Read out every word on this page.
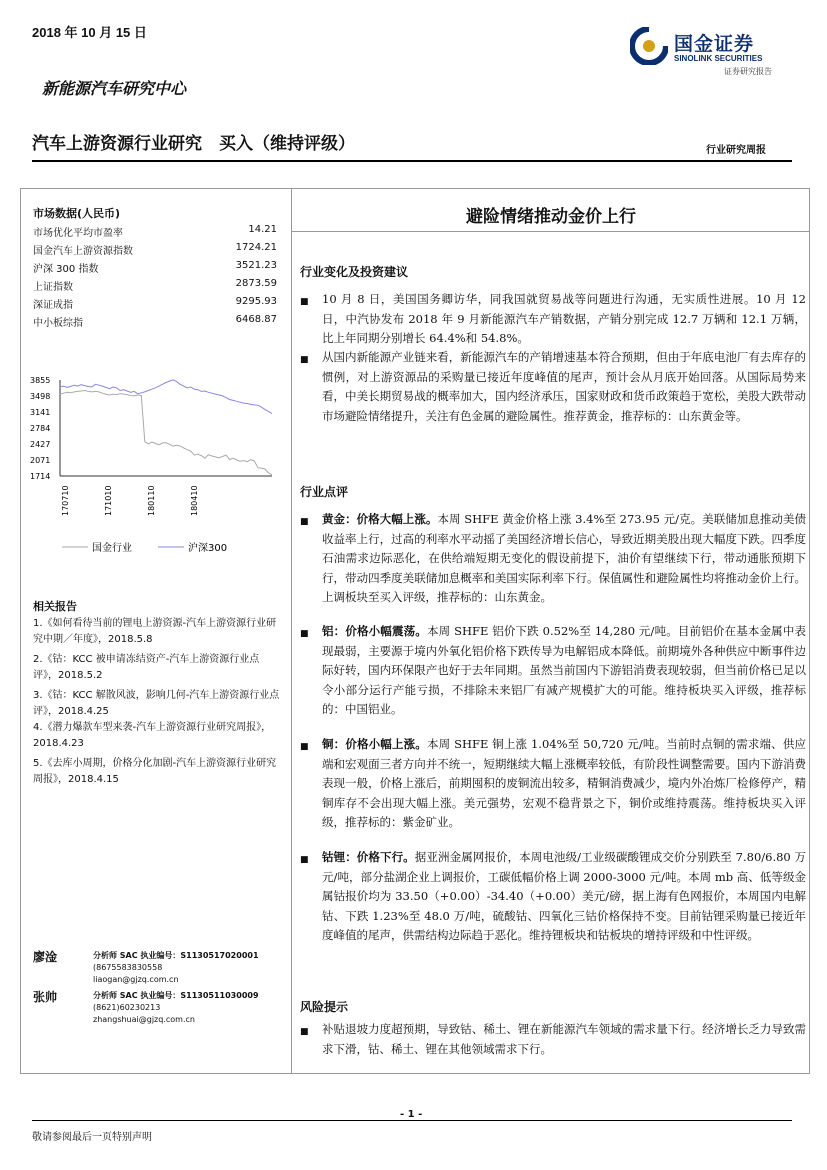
2018 年 10 月 15 日
新能源汽车研究中心
国金证券
SINOLINK SECURITIES
证券研究报告
汽车上游资源行业研究　买入（维持评级）	行业研究周报
市场数据(人民币)
市场优化平均市盈率	14.21
国金汽车上游资源指数	1724.21
沪深 300 指数	3521.23
上证指数	2873.59
深证成指	9295.93
中小板综指	6468.87
3855
3498
3141
2784
2427
2071
1714
170710	171010	180110	180410
国金行业	沪深300
相关报告
1.《如何看待当前的锂电上游资源-汽车上游资源行业研究中期／年度》，2018.5.8
2.《钴：KCC 被申请冻结资产-汽车上游资源行业点评》，2018.5.2
3.《钴：KCC 解散风波，影响几何-汽车上游资源行业点评》，2018.4.25
4.《潜力爆款车型来袭-汽车上游资源行业研究周报》，2018.4.23
5.《去库小周期，价格分化加剧-汽车上游资源行业研究周报》，2018.4.15
廖淦	分析师 SAC 执业编号：S1130517020001
(8675583830558
liaogan@gjzq.com.cn
张帅	分析师 SAC 执业编号：S1130511030009
(8621)60230213
zhangshuai@gjzq.com.cn
避险情绪推动金价上行
行业变化及投资建议
■	10 月 8 日，美国国务卿访华，同我国就贸易战等问题进行沟通，无实质性进展。10 月 12 日，中汽协发布 2018 年 9 月新能源汽车产销数据，产销分别完成 12.7 万辆和 12.1 万辆，比上年同期分别增长 64.4%和 54.8%。
■	从国内新能源产业链来看，新能源汽车的产销增速基本符合预期，但由于年底电池厂有去库存的惯例，对上游资源品的采购量已接近年度峰值的尾声，预计会从月底开始回落。从国际局势来看，中美长期贸易战的概率加大，国内经济承压，国家财政和货币政策趋于宽松，美股大跌带动市场避险情绪提升，关注有色金属的避险属性。推荐黄金，推荐标的：山东黄金等。
行业点评
■	黄金：价格大幅上涨。本周 SHFE 黄金价格上涨 3.4%至 273.95 元/克。美联储加息推动美债收益率上行，过高的利率水平动摇了美国经济增长信心，导致近期美股出现大幅度下跌。四季度石油需求边际恶化，在供给端短期无变化的假设前提下，油价有望继续下行，带动通胀预期下行，带动四季度美联储加息概率和美国实际利率下行。保值属性和避险属性均将推动金价上行。上调板块至买入评级，推荐标的：山东黄金。
■	铝：价格小幅震荡。本周 SHFE 铝价下跌 0.52%至 14,280 元/吨。目前铝价在基本金属中表现最弱，主要源于境内外氧化铝价格下跌传导为电解铝成本降低。前期境外各种供应中断事件边际好转，国内环保限产也好于去年同期。虽然当前国内下游铝消费表现较弱，但当前价格已足以令小部分运行产能亏损，不排除未来铝厂有减产规模扩大的可能。维持板块买入评级，推荐标的：中国铝业。
■	铜：价格小幅上涨。本周 SHFE 铜上涨 1.04%至 50,720 元/吨。当前时点铜的需求端、供应端和宏观面三者方向并不统一，短期继续大幅上涨概率较低，有阶段性调整需要。国内下游消费表现一般，价格上涨后，前期囤积的废铜流出较多，精铜消费减少，境内外冶炼厂检修停产，精铜库存不会出现大幅上涨。美元强势，宏观不稳背景之下，铜价或维持震荡。维持板块买入评级，推荐标的：紫金矿业。
■	钴锂：价格下行。据亚洲金属网报价，本周电池级/工业级碳酸锂成交价分别跌至 7.80/6.80 万元/吨，部分盐湖企业上调报价，工碳低幅价格上调 2000-3000 元/吨。本周 mb 高、低等级金属钴报价均为 33.50（+0.00）-34.40（+0.00）美元/磅，据上海有色网报价，本周国内电解钴、下跌 1.23%至 48.0 万/吨，硫酸钴、四氧化三钴价格保持不变。目前钴锂采购量已接近年度峰值的尾声，供需结构边际趋于恶化。维持锂板块和钴板块的增持评级和中性评级。
风险提示
■	补贴退坡力度超预期，导致钴、稀土、锂在新能源汽车领域的需求量下行。经济增长乏力导致需求下滑，钴、稀土、锂在其他领域需求下行。
- 1 -
敬请参阅最后一页特别声明
